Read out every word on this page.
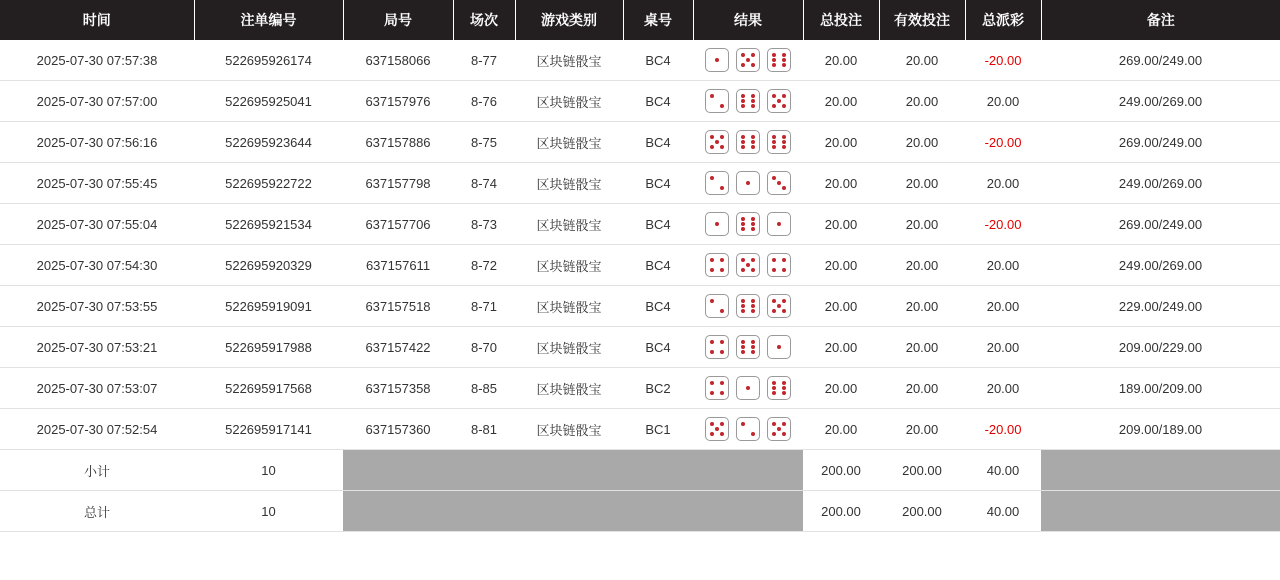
时间	注单编号	局号	场次	游戏类别	桌号	结果	总投注	有效投注	总派彩	备注
2025-07-30 07:57:38	522695926174	637158066	8-77	区块链骰宝	BC4		20.00	20.00	-20.00	269.00/249.00
2025-07-30 07:57:00	522695925041	637157976	8-76	区块链骰宝	BC4		20.00	20.00	20.00	249.00/269.00
2025-07-30 07:56:16	522695923644	637157886	8-75	区块链骰宝	BC4		20.00	20.00	-20.00	269.00/249.00
2025-07-30 07:55:45	522695922722	637157798	8-74	区块链骰宝	BC4		20.00	20.00	20.00	249.00/269.00
2025-07-30 07:55:04	522695921534	637157706	8-73	区块链骰宝	BC4		20.00	20.00	-20.00	269.00/249.00
2025-07-30 07:54:30	522695920329	637157611	8-72	区块链骰宝	BC4		20.00	20.00	20.00	249.00/269.00
2025-07-30 07:53:55	522695919091	637157518	8-71	区块链骰宝	BC4		20.00	20.00	20.00	229.00/249.00
2025-07-30 07:53:21	522695917988	637157422	8-70	区块链骰宝	BC4		20.00	20.00	20.00	209.00/229.00
2025-07-30 07:53:07	522695917568	637157358	8-85	区块链骰宝	BC2		20.00	20.00	20.00	189.00/209.00
2025-07-30 07:52:54	522695917141	637157360	8-81	区块链骰宝	BC1		20.00	20.00	-20.00	209.00/189.00
小计	10						200.00	200.00	40.00	
总计	10						200.00	200.00	40.00	
